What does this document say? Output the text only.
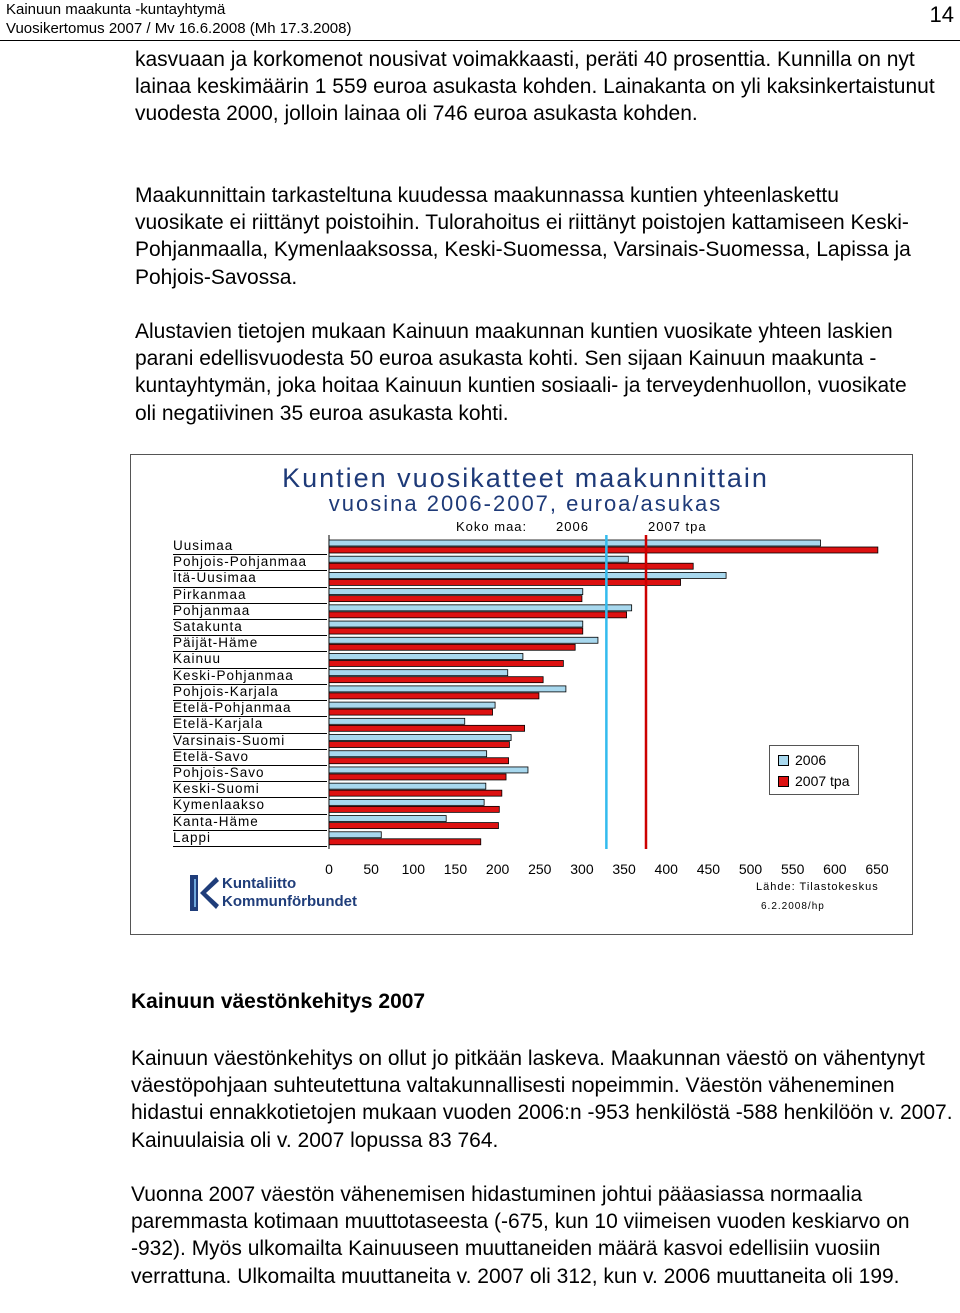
Kainuun maakunta -kuntayhtymä
Vuosikertomus 2007 / Mv 16.6.2008 (Mh 17.3.2008)
14

kasvuaan ja korkomenot nousivat voimakkaasti, peräti 40 prosenttia. Kunnilla on nyt lainaa keskimäärin 1 559 euroa asukasta kohden. Lainakanta on yli kaksinkertaistunut vuodesta 2000, jolloin lainaa oli 746 euroa asukasta kohden.

Maakunnittain tarkasteltuna kuudessa maakunnassa kuntien yhteenlaskettu vuosikate ei riittänyt poistoihin. Tulorahoitus ei riittänyt poistojen kattamiseen Keski-Pohjanmaalla, Kymenlaaksossa, Keski-Suomessa, Varsinais-Suomessa, Lapissa ja Pohjois-Savossa.

Alustavien tietojen mukaan Kainuun maakunnan kuntien vuosikate yhteen laskien parani edellisvuodesta 50 euroa asukasta kohti. Sen sijaan Kainuun maakunta -kuntayhtymän, joka hoitaa Kainuun kuntien sosiaali- ja terveydenhuollon, vuosikate oli negatiivinen 35 euroa asukasta kohti.

Kuntien vuosikatteet maakunnittain
vuosina 2006-2007, euroa/asukas
Koko maa: 2006	2007 tpa
Uusimaa
Pohjois-Pohjanmaa
Itä-Uusimaa
Pirkanmaa
Pohjanmaa
Satakunta
Päijät-Häme
Kainuu
Keski-Pohjanmaa
Pohjois-Karjala
Etelä-Pohjanmaa
Etelä-Karjala
Varsinais-Suomi
Etelä-Savo
Pohjois-Savo
Keski-Suomi
Kymenlaakso
Kanta-Häme
Lappi
0 50 100 150 200 250 300 350 400 450 500 550 600 650
Lähde: Tilastokeskus
6.2.2008/hp
2006
2007 tpa
Kuntaliitto
Kommunförbundet
Kainuun väestönkehitys 2007

Kainuun väestönkehitys on ollut jo pitkään laskeva. Maakunnan väestö on vähentynyt väestöpohjaan suhteutettuna valtakunnallisesti nopeimmin. Väestön väheneminen hidastui ennakkotietojen mukaan vuoden 2006:n -953 henkilöstä -588 henkilöön v. 2007. Kainuulaisia oli v. 2007 lopussa 83 764.

Vuonna 2007 väestön vähenemisen hidastuminen johtui pääasiassa normaalia paremmasta kotimaan muuttotaseesta (-675, kun 10 viimeisen vuoden keskiarvo on -932). Myös ulkomailta Kainuuseen muuttaneiden määrä kasvoi edellisiin vuosiin verrattuna. Ulkomailta muuttaneita v. 2007 oli 312, kun v. 2006 muuttaneita oli 199.
